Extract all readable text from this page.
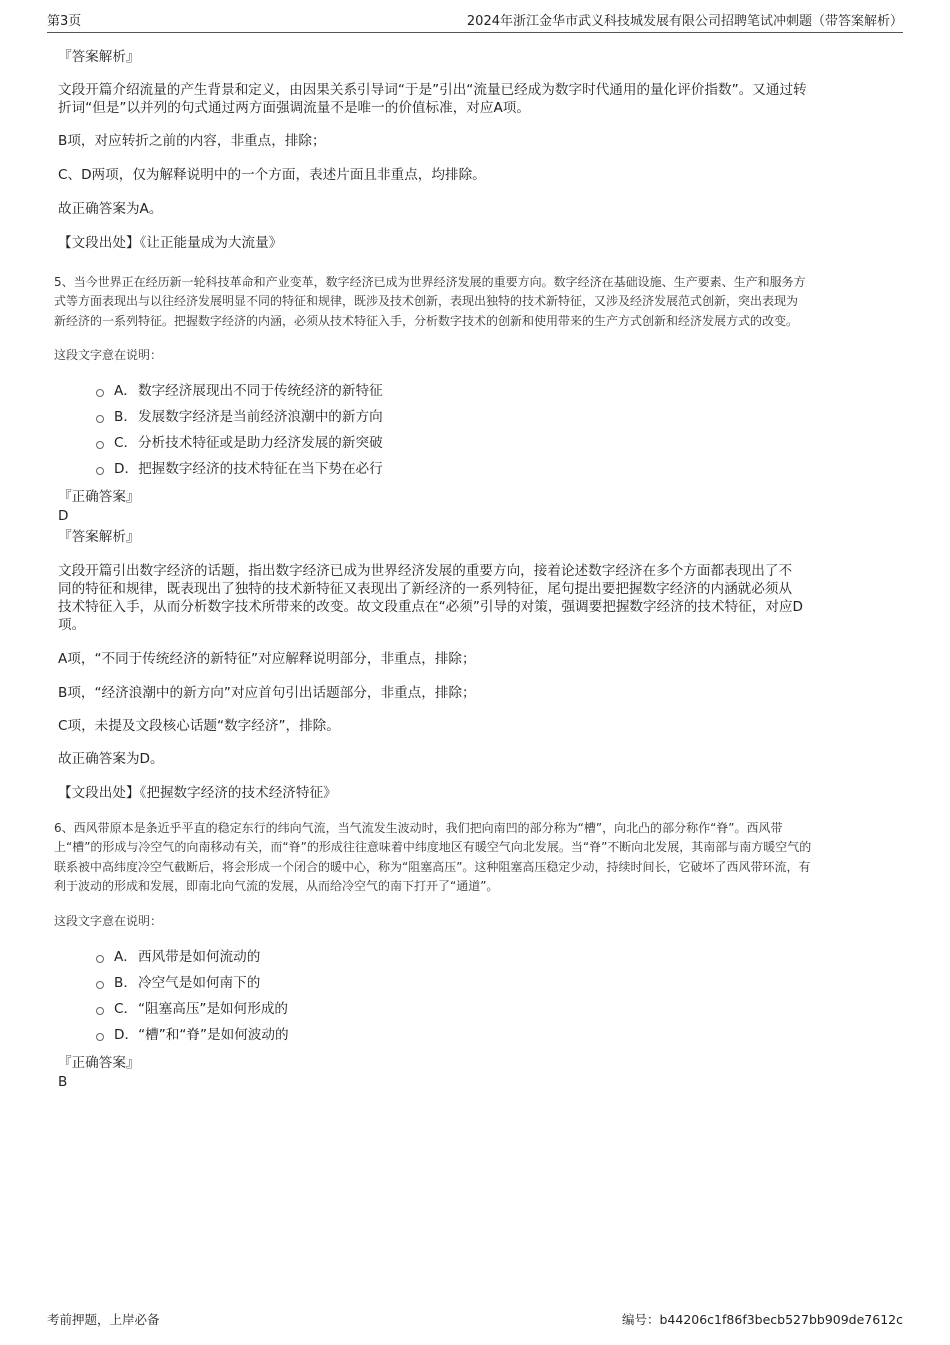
第3页	2024年浙江金华市武义科技城发展有限公司招聘笔试冲刺题（带答案解析）
『答案解析』
文段开篇介绍流量的产生背景和定义，由因果关系引导词“于是”引出“流量已经成为数字时代通用的量化评价指数”。又通过转
折词“但是”以并列的句式通过两方面强调流量不是唯一的价值标准，对应A项。
B项，对应转折之前的内容，非重点，排除；
C、D两项，仅为解释说明中的一个方面，表述片面且非重点，均排除。
故正确答案为A。
【文段出处】《让正能量成为大流量》
5、当今世界正在经历新一轮科技革命和产业变革，数字经济已成为世界经济发展的重要方向。数字经济在基础设施、生产要素、生产和服务方
式等方面表现出与以往经济发展明显不同的特征和规律，既涉及技术创新，表现出独特的技术新特征，又涉及经济发展范式创新，突出表现为
新经济的一系列特征。把握数字经济的内涵，必须从技术特征入手，分析数字技术的创新和使用带来的生产方式创新和经济发展方式的改变。
这段文字意在说明：
A．数字经济展现出不同于传统经济的新特征
B．发展数字经济是当前经济浪潮中的新方向
C．分析技术特征或是助力经济发展的新突破
D．把握数字经济的技术特征在当下势在必行
『正确答案』
D
『答案解析』
文段开篇引出数字经济的话题，指出数字经济已成为世界经济发展的重要方向，接着论述数字经济在多个方面都表现出了不
同的特征和规律，既表现出了独特的技术新特征又表现出了新经济的一系列特征，尾句提出要把握数字经济的内涵就必须从
技术特征入手，从而分析数字技术所带来的改变。故文段重点在“必须”引导的对策，强调要把握数字经济的技术特征，对应D
项。
A项，“不同于传统经济的新特征”对应解释说明部分，非重点，排除；
B项，“经济浪潮中的新方向”对应首句引出话题部分，非重点，排除；
C项，未提及文段核心话题“数字经济”，排除。
故正确答案为D。
【文段出处】《把握数字经济的技术经济特征》
6、西风带原本是条近乎平直的稳定东行的纬向气流，当气流发生波动时，我们把向南凹的部分称为“槽”，向北凸的部分称作“脊”。西风带
上“槽”的形成与冷空气的向南移动有关，而“脊”的形成往往意味着中纬度地区有暖空气向北发展。当“脊”不断向北发展，其南部与南方暖空气的
联系被中高纬度冷空气截断后，将会形成一个闭合的暖中心，称为“阻塞高压”。这种阻塞高压稳定少动，持续时间长，它破坏了西风带环流，有
利于波动的形成和发展，即南北向气流的发展，从而给冷空气的南下打开了“通道”。
这段文字意在说明：
A．西风带是如何流动的
B．冷空气是如何南下的
C．“阻塞高压”是如何形成的
D．“槽”和“脊”是如何波动的
『正确答案』
B
考前押题，上岸必备	编号：b44206c1f86f3becb527bb909de7612c
